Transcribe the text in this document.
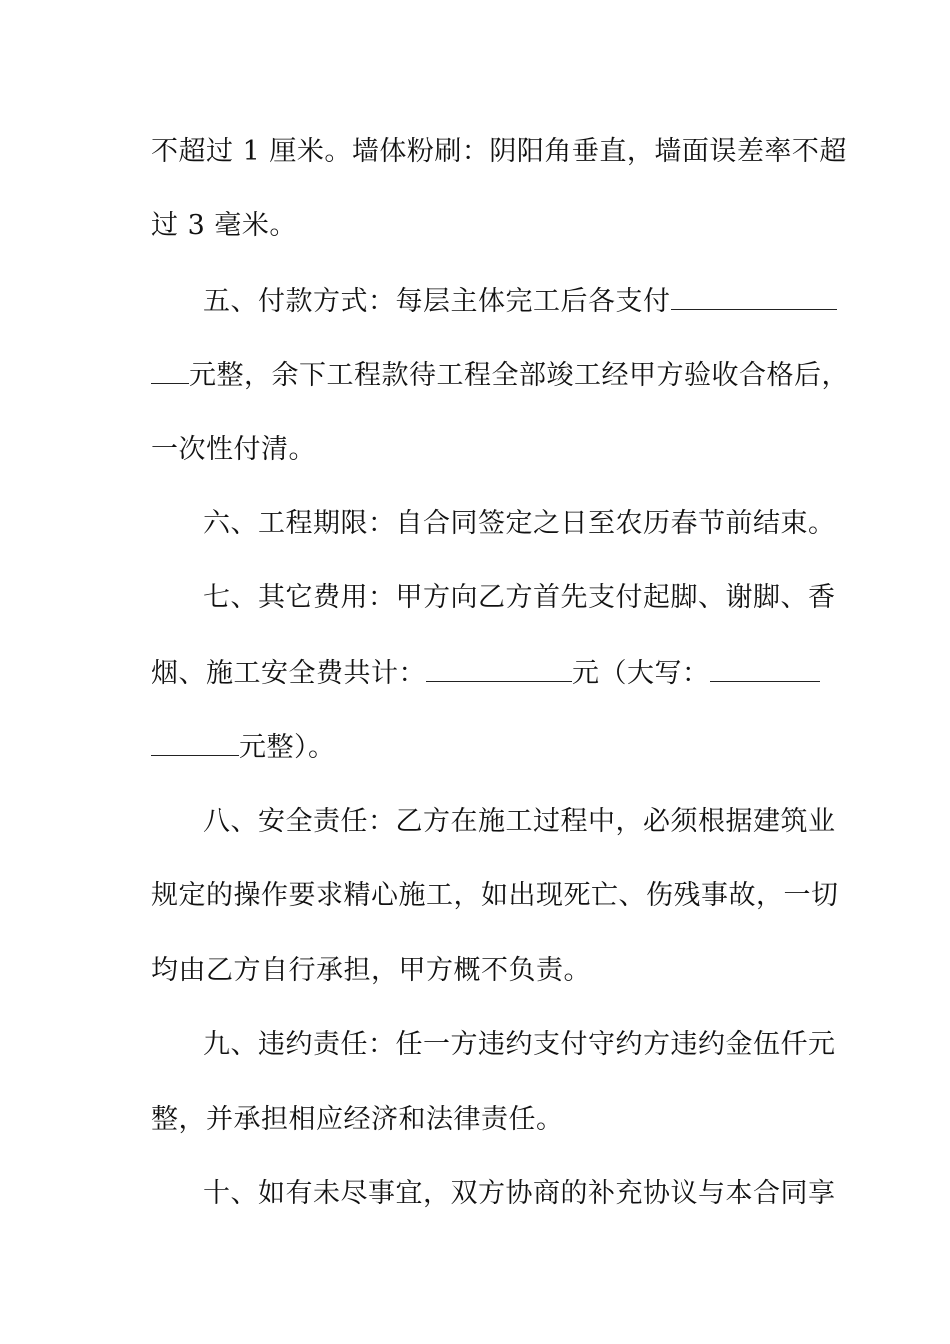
不超过 1 厘米。墙体粉刷：阴阳角垂直，墙面误差率不超
过 3 毫米。
五、付款方式：每层主体完工后各支付
元整，余下工程款待工程全部竣工经甲方验收合格后，
一次性付清。
六、工程期限：自合同签定之日至农历春节前结束。
七、其它费用：甲方向乙方首先支付起脚、谢脚、香
烟、施工安全费共计：	元（大写：
元整）。
八、安全责任：乙方在施工过程中，必须根据建筑业
规定的操作要求精心施工，如出现死亡、伤残事故，一切
均由乙方自行承担，甲方概不负责。
九、违约责任：任一方违约支付守约方违约金伍仟元
整，并承担相应经济和法律责任。
十、如有未尽事宜，双方协商的补充协议与本合同享
